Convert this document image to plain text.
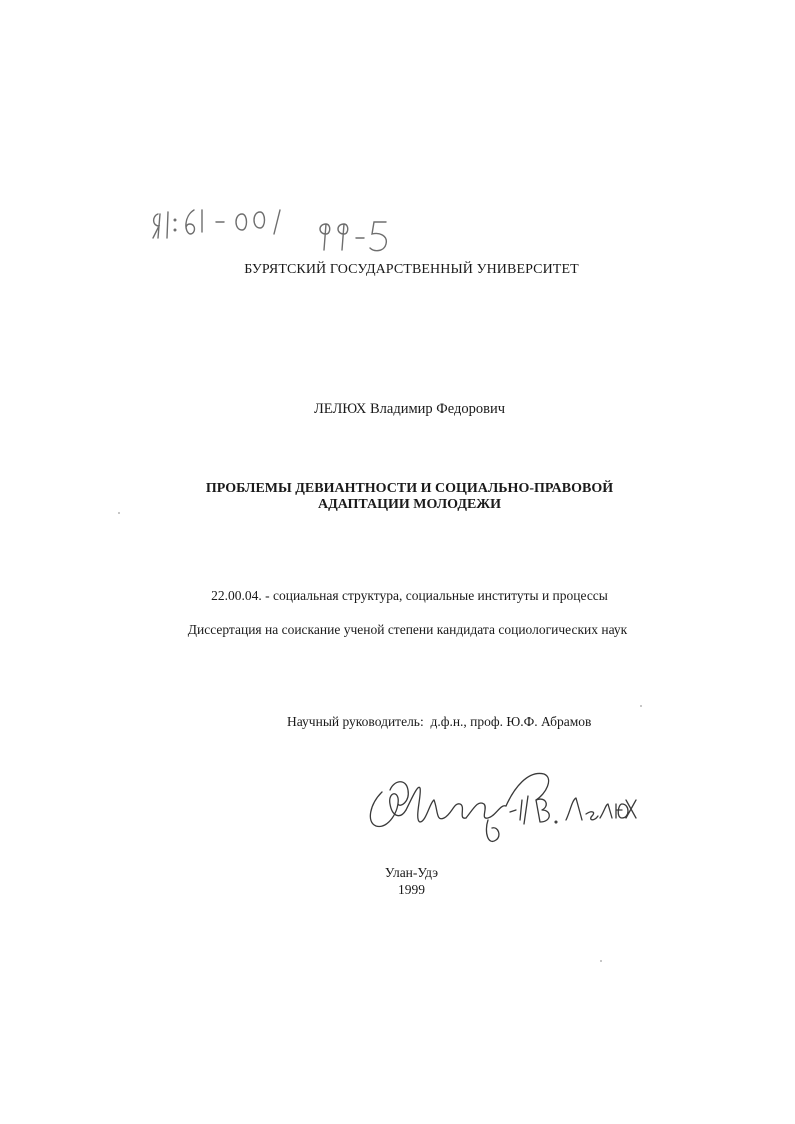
БУРЯТСКИЙ ГОСУДАРСТВЕННЫЙ УНИВЕРСИТЕТ
ЛЕЛЮХ Владимир Федорович
ПРОБЛЕМЫ ДЕВИАНТНОСТИ И СОЦИАЛЬНО-ПРАВОВОЙ
АДАПТАЦИИ МОЛОДЕЖИ
22.00.04. - социальная структура, социальные институты и процессы
Диссертация на соискание ученой степени кандидата социологических наук
Научный руководитель:  д.ф.н., проф. Ю.Ф. Абрамов
Улан-Удэ
1999
